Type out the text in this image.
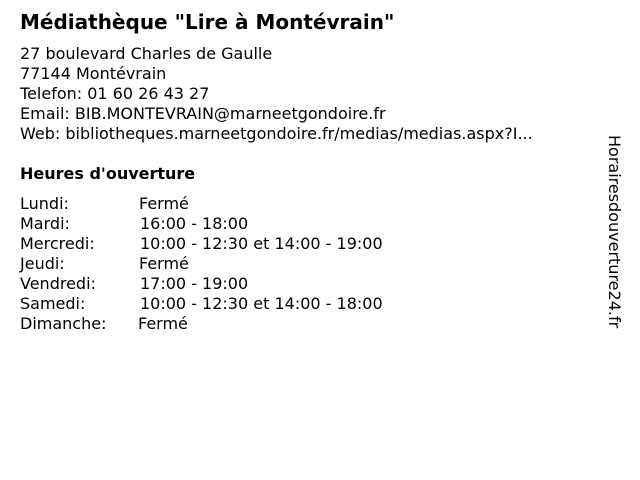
Médiathèque "Lire à Montévrain"
27 boulevard Charles de Gaulle
77144 Montévrain
Telefon: 01 60 26 43 27
Email: BIB.MONTEVRAIN@marneetgondoire.fr
Web: bibliotheques.marneetgondoire.fr/medias/medias.aspx?I...
Heures d'ouverture
Lundi:	Fermé
Mardi:	16:00 - 18:00
Mercredi:	10:00 - 12:30 et 14:00 - 19:00
Jeudi:	Fermé
Vendredi:	17:00 - 19:00
Samedi:	10:00 - 12:30 et 14:00 - 18:00
Dimanche: Fermé	Horairesdouverture24.fr
